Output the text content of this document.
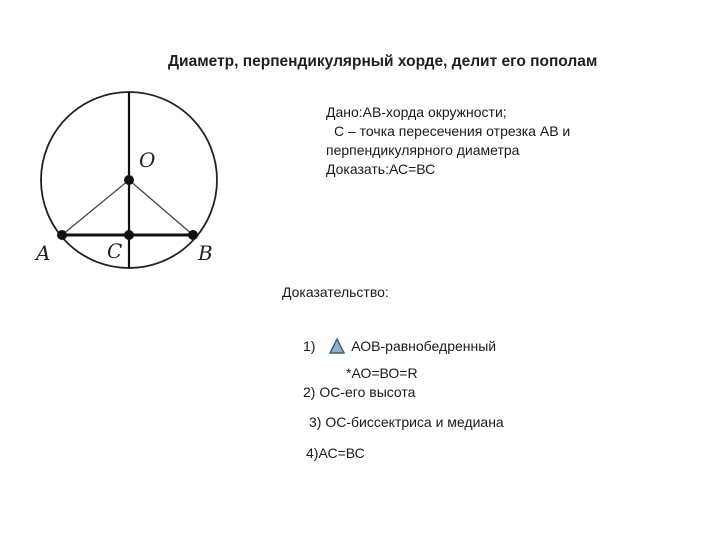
Диаметр, перпендикулярный хорде, делит его пополам
O
A	C	B
Дано:АВ-хорда окружности;
С – точка пересечения отрезка АВ и
перпендикулярного диаметра
Доказать:АС=ВС
Доказательство:
1)	АОВ-равнобедренный
*АО=ВО=R
2) ОС-его высота
3) ОС-биссектриса и медиана
4)АС=ВС
